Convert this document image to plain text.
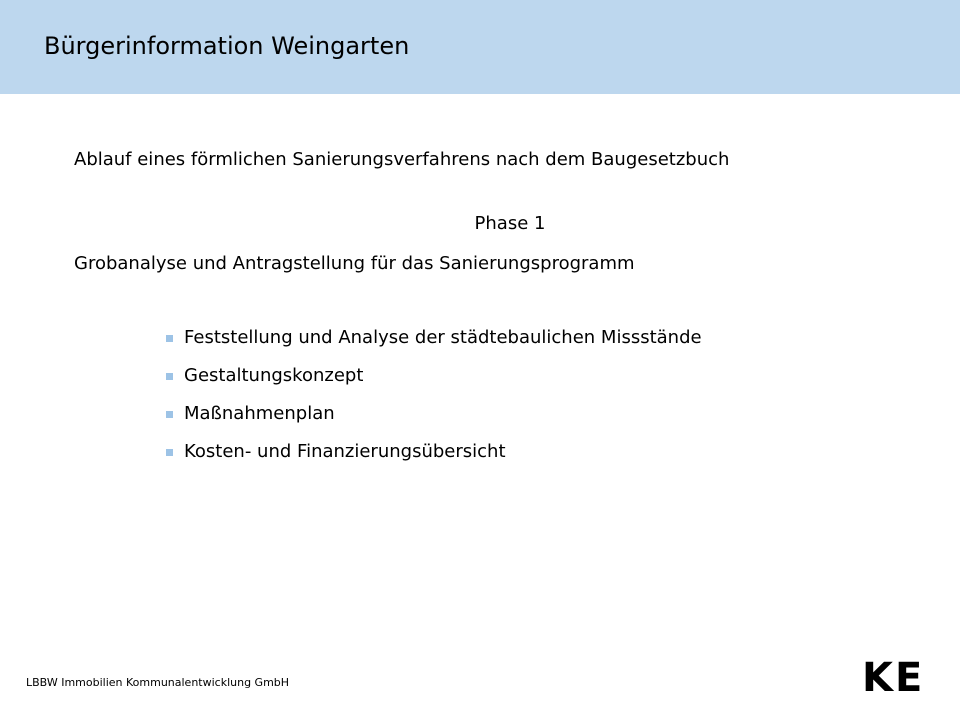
Bürgerinformation Weingarten
Ablauf eines förmlichen Sanierungsverfahrens nach dem Baugesetzbuch
Phase 1
Grobanalyse und Antragstellung für das Sanierungsprogramm
Feststellung und Analyse der städtebaulichen Missstände
Gestaltungskonzept
Maßnahmenplan
Kosten- und Finanzierungsübersicht
LBBW Immobilien Kommunalentwicklung GmbH	KE
